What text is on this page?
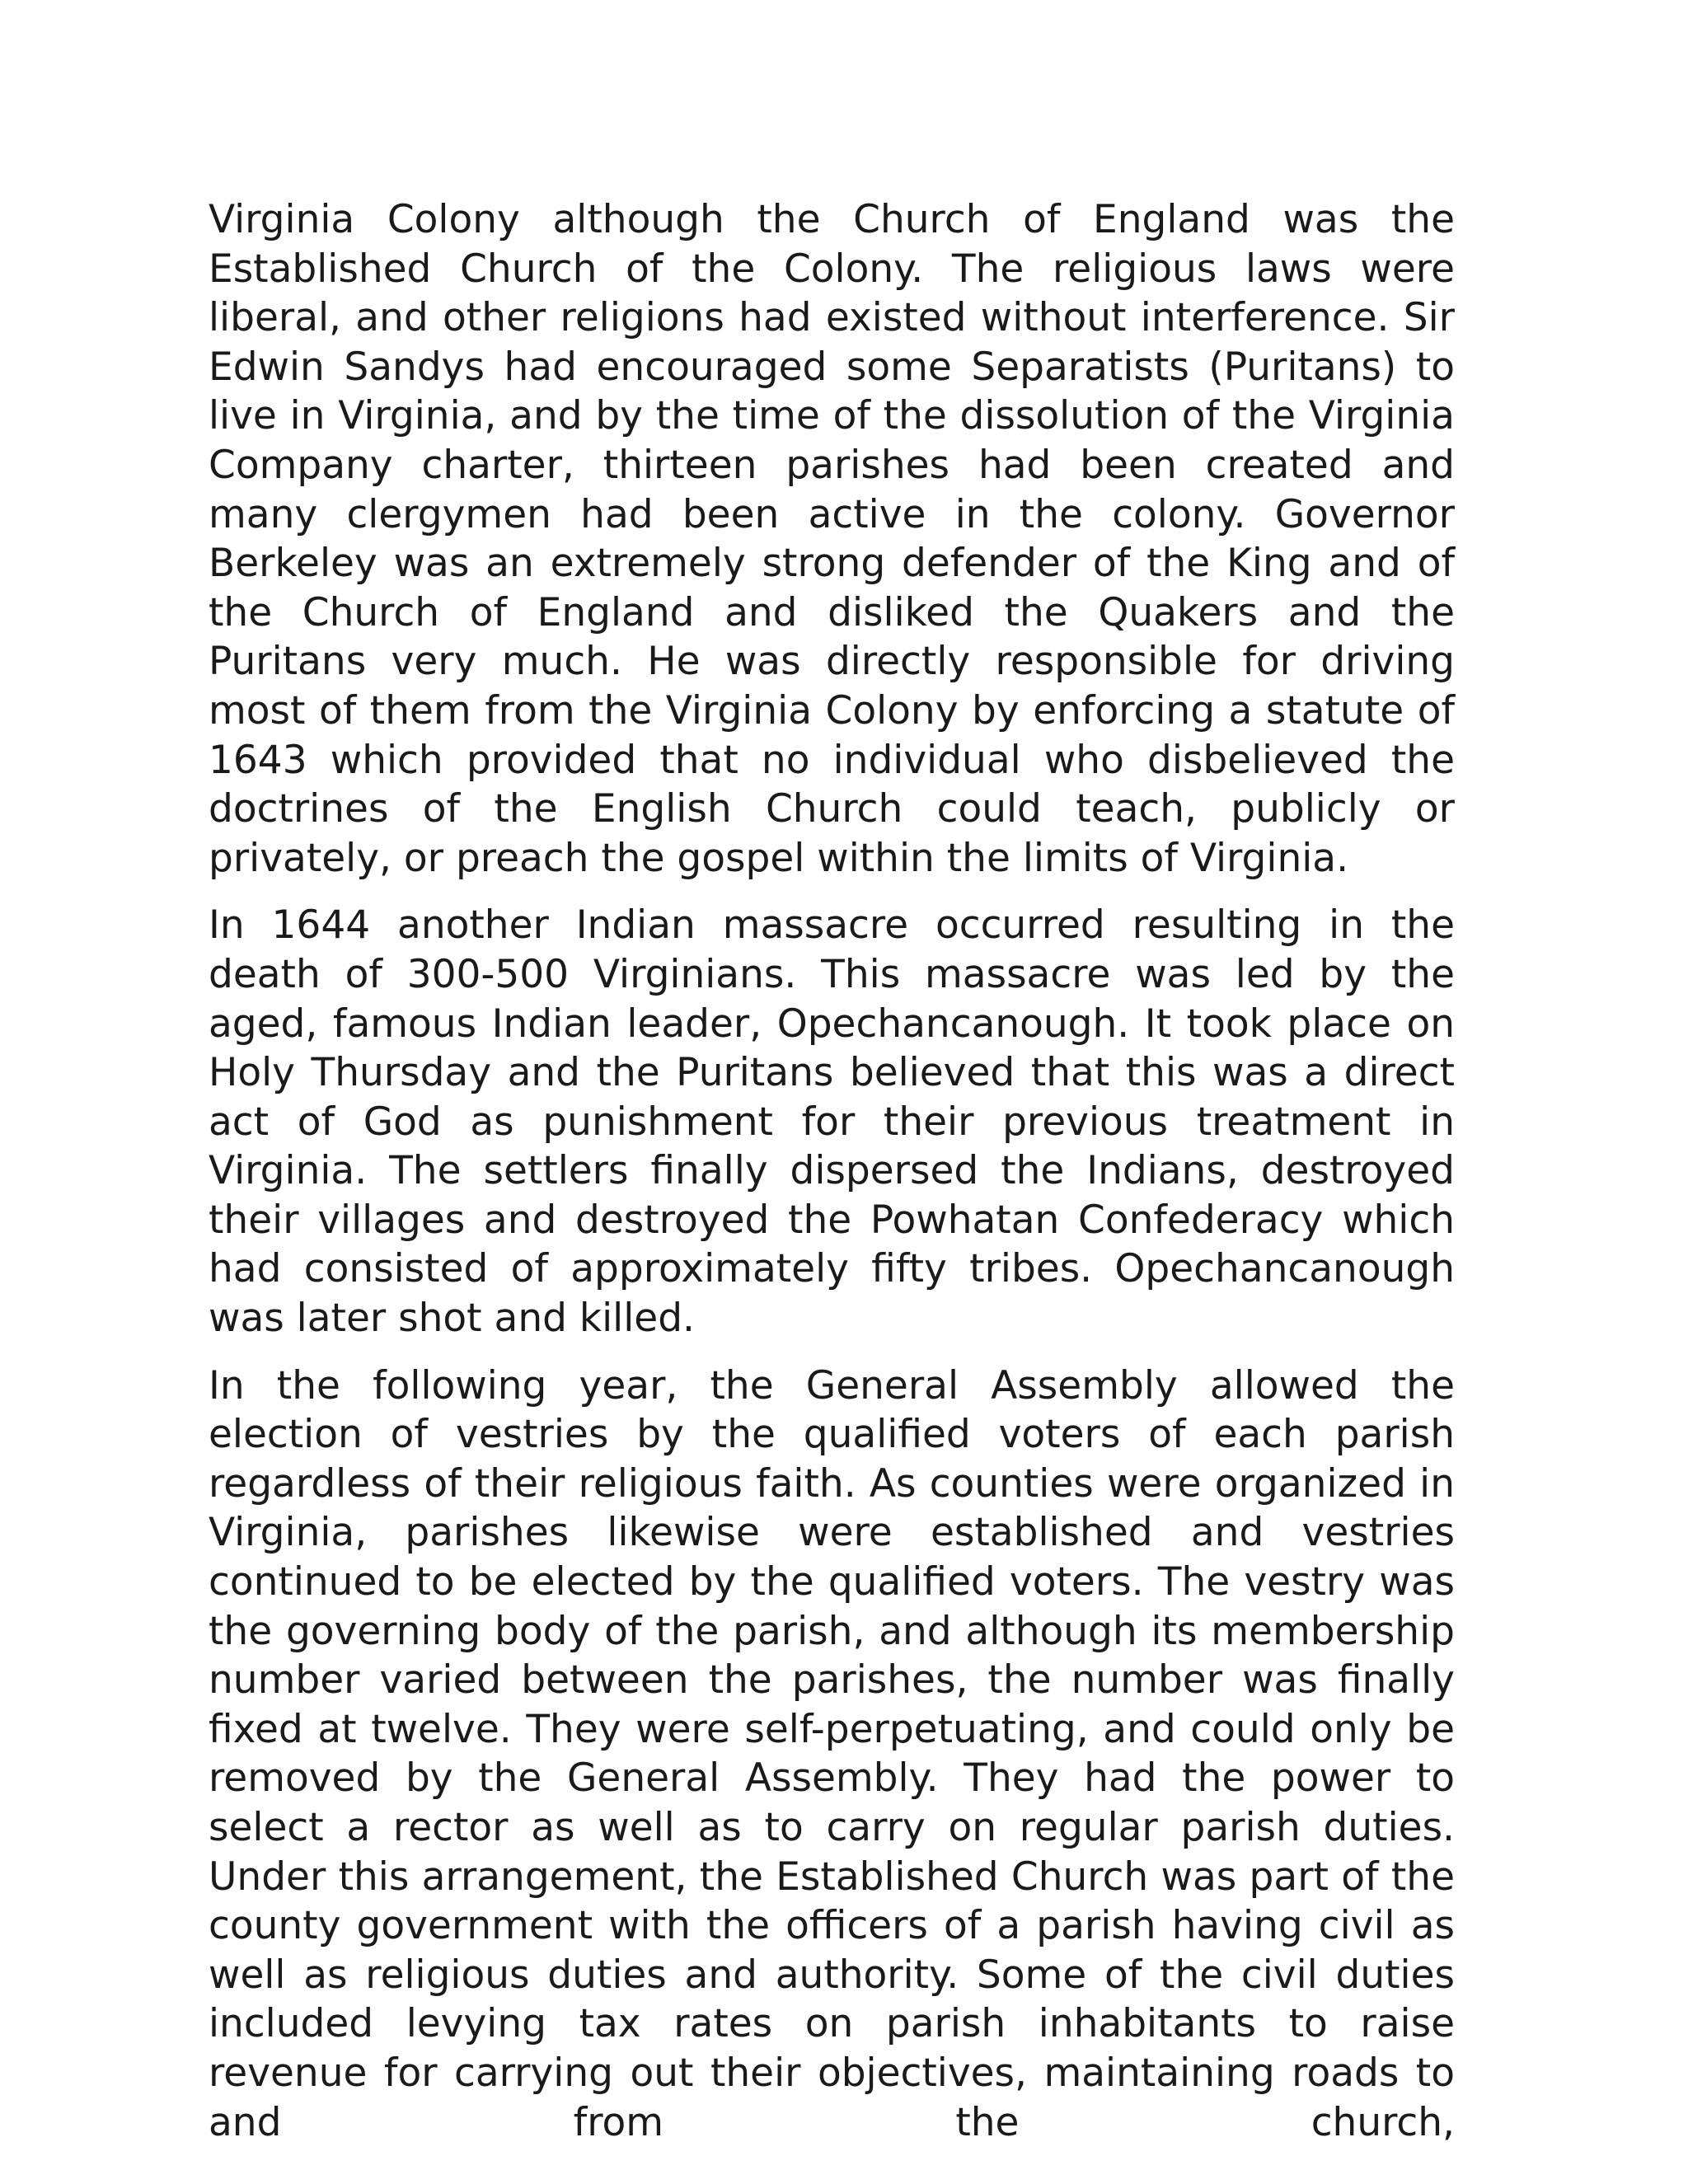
Virginia Colony although the Church of England was the Established Church of the Colony. The religious laws were liberal, and other religions had existed without interference. Sir Edwin Sandys had encouraged some Separatists (Puritans) to live in Virginia, and by the time of the dissolution of the Virginia Company charter, thirteen parishes had been created and many clergymen had been active in the colony. Governor Berkeley was an extremely strong defender of the King and of the Church of England and disliked the Quakers and the Puritans very much. He was directly responsible for driving most of them from the Virginia Colony by enforcing a statute of 1643 which provided that no individual who disbelieved the doctrines of the English Church could teach, publicly or privately, or preach the gospel within the limits of Virginia.

In 1644 another Indian massacre occurred resulting in the death of 300-500 Virginians. This massacre was led by the aged, famous Indian leader, Opechancanough. It took place on Holy Thursday and the Puritans believed that this was a direct act of God as punishment for their previous treatment in Virginia. The settlers finally dispersed the Indians, destroyed their villages and destroyed the Powhatan Confederacy which had consisted of approximately fifty tribes. Opechancanough was later shot and killed.

In the following year, the General Assembly allowed the election of vestries by the qualified voters of each parish regardless of their religious faith. As counties were organized in Virginia, parishes likewise were established and vestries continued to be elected by the qualified voters. The vestry was the governing body of the parish, and although its membership number varied between the parishes, the number was finally fixed at twelve. They were self-perpetuating, and could only be removed by the General Assembly. They had the power to select a rector as well as to carry on regular parish duties. Under this arrangement, the Established Church was part of the county government with the officers of a parish having civil as well as religious duties and authority. Some of the civil duties included levying tax rates on parish inhabitants to raise revenue for carrying out their objectives, maintaining roads to and from the church,
